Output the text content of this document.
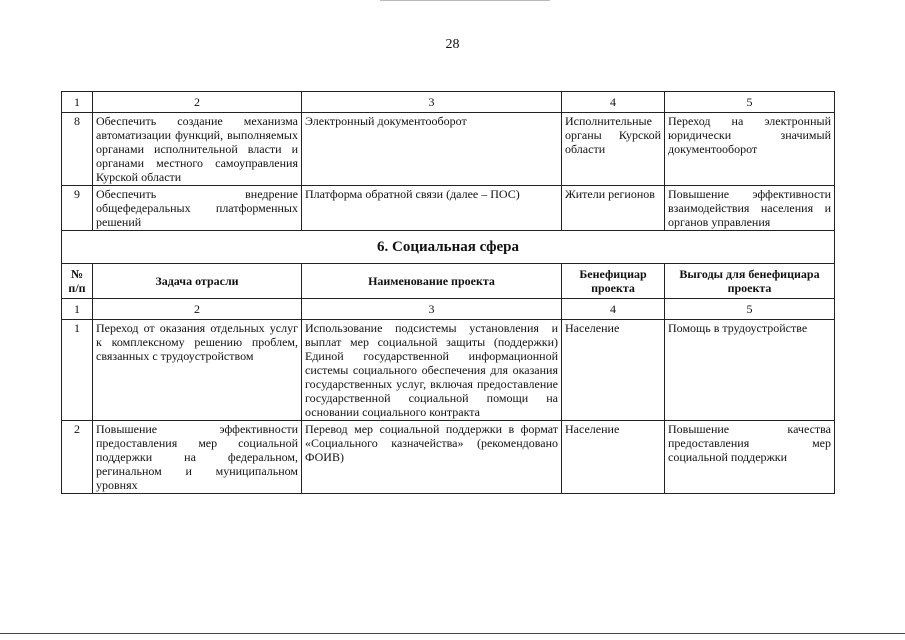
28
1	2	3	4	5
8	Обеспечить создание механизма автоматизации функций, выполняемых органами исполнительной власти и органами местного самоуправления Курской области	Электронный документооборот	Исполнительные органы Курской области	Переход на электронный юридически значимый документооборот
9	Обеспечить внедрение общефедеральных платформенных решений	Платформа обратной связи (далее – ПОС)	Жители регионов	Повышение эффективности взаимодействия населения и органов управления
6. Социальная сфера				
№ п/п	Задача отрасли	Наименование проекта	Бенефициар проекта	Выгоды для бенефициара проекта
1	2	3	4	5
1	Переход от оказания отдельных услуг к комплексному решению проблем, связанных с трудоустройством	Использование подсистемы установления и выплат мер социальной защиты (поддержки) Единой государственной информационной системы социального обеспечения для оказания государственных услуг, включая предоставление государственной социальной помощи на основании социального контракта	Население	Помощь в трудоустройстве
2	Повышение эффективности предоставления мер социальной поддержки на федеральном, регинальном и муниципальном уровнях	Перевод мер социальной поддержки в формат «Социального казначейства» (рекомендовано ФОИВ)	Население	Повышение качества предоставления мер социальной поддержки
